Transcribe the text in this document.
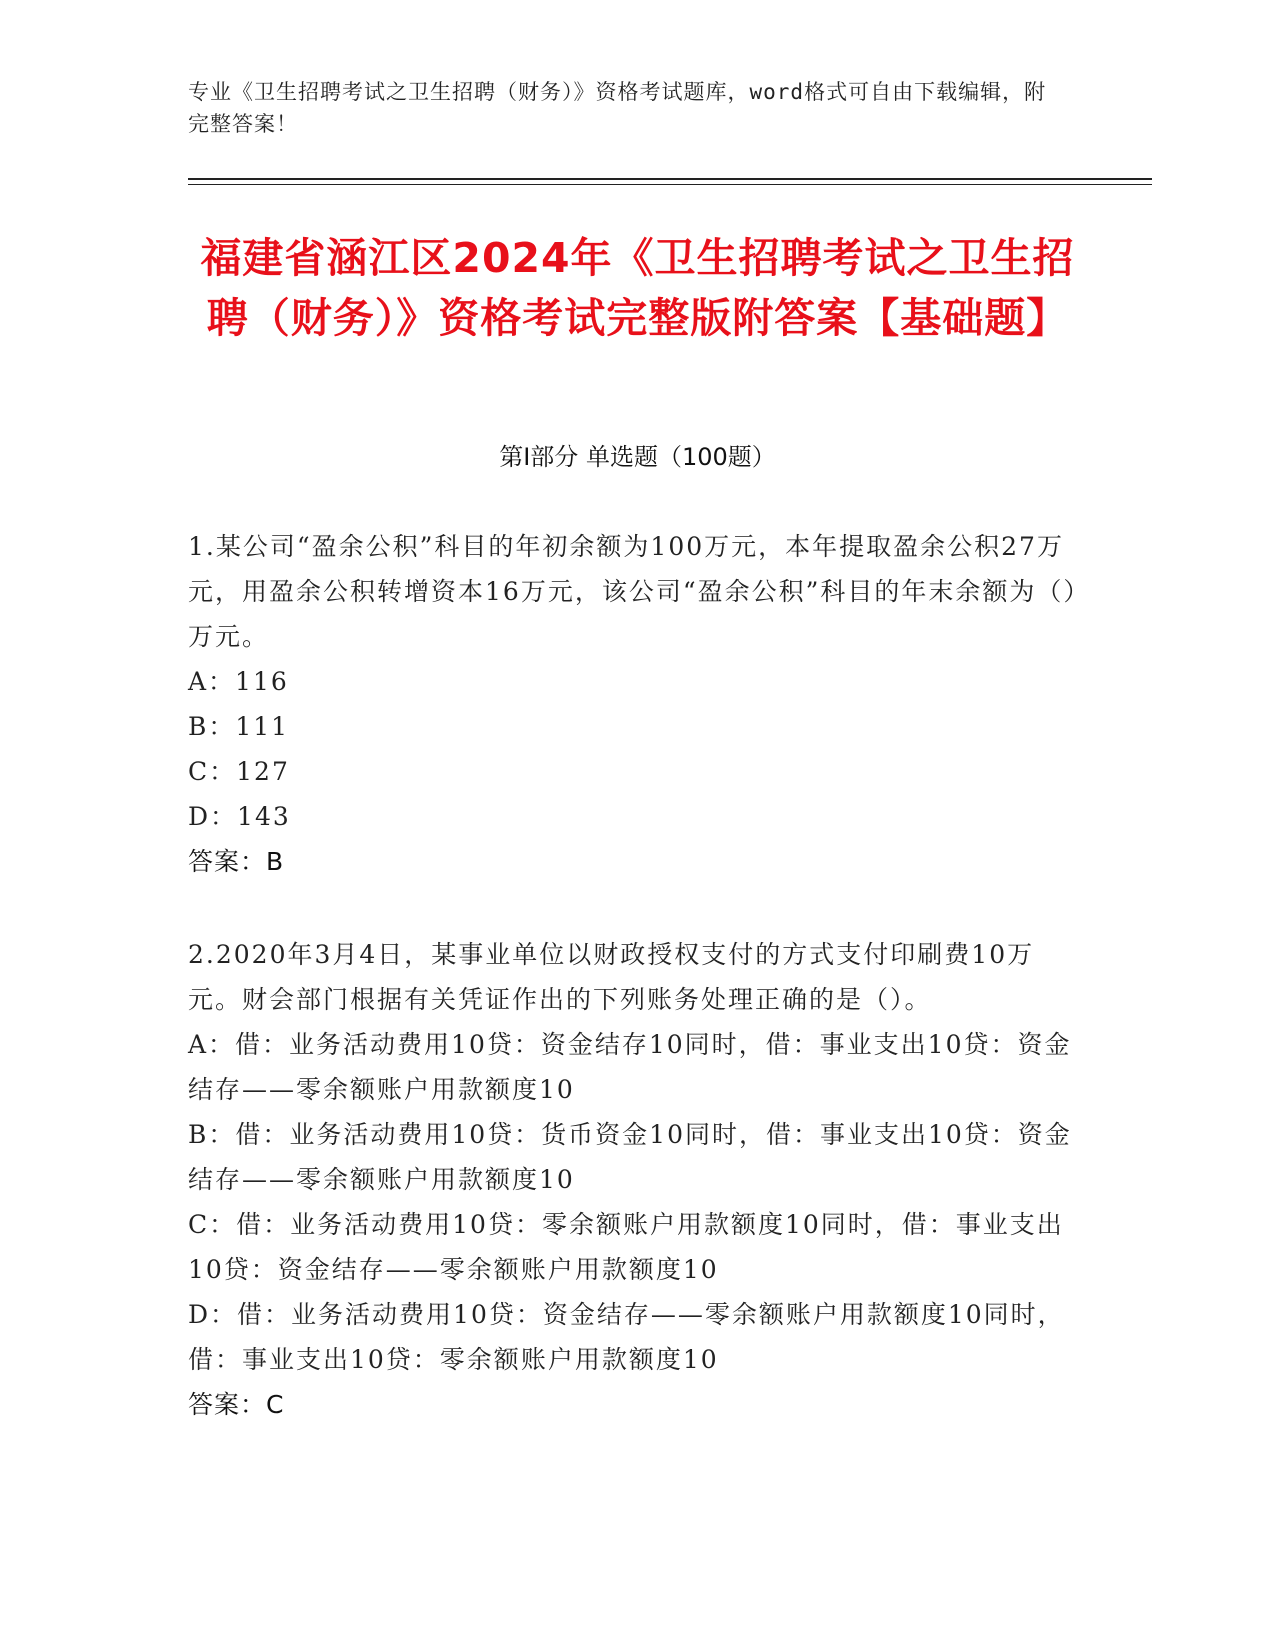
专业《卫生招聘考试之卫生招聘（财务）》资格考试题库，word格式可自由下载编辑，附完整答案！
福建省涵江区2024年《卫生招聘考试之卫生招聘（财务）》资格考试完整版附答案【基础题】
第I部分 单选题（100题）
1.某公司“盈余公积”科目的年初余额为100万元，本年提取盈余公积27万元，用盈余公积转增资本16万元，该公司“盈余公积”科目的年末余额为（）万元。
A：116
B：111
C：127
D：143
答案：B
2.2020年3月4日，某事业单位以财政授权支付的方式支付印刷费10万元。财会部门根据有关凭证作出的下列账务处理正确的是（）。
A：借：业务活动费用10贷：资金结存10同时，借：事业支出10贷：资金结存——零余额账户用款额度10
B：借：业务活动费用10贷：货币资金10同时，借：事业支出10贷：资金结存——零余额账户用款额度10
C：借：业务活动费用10贷：零余额账户用款额度10同时，借：事业支出10贷：资金结存——零余额账户用款额度10
D：借：业务活动费用10贷：资金结存——零余额账户用款额度10同时，借：事业支出10贷：零余额账户用款额度10
答案：C
